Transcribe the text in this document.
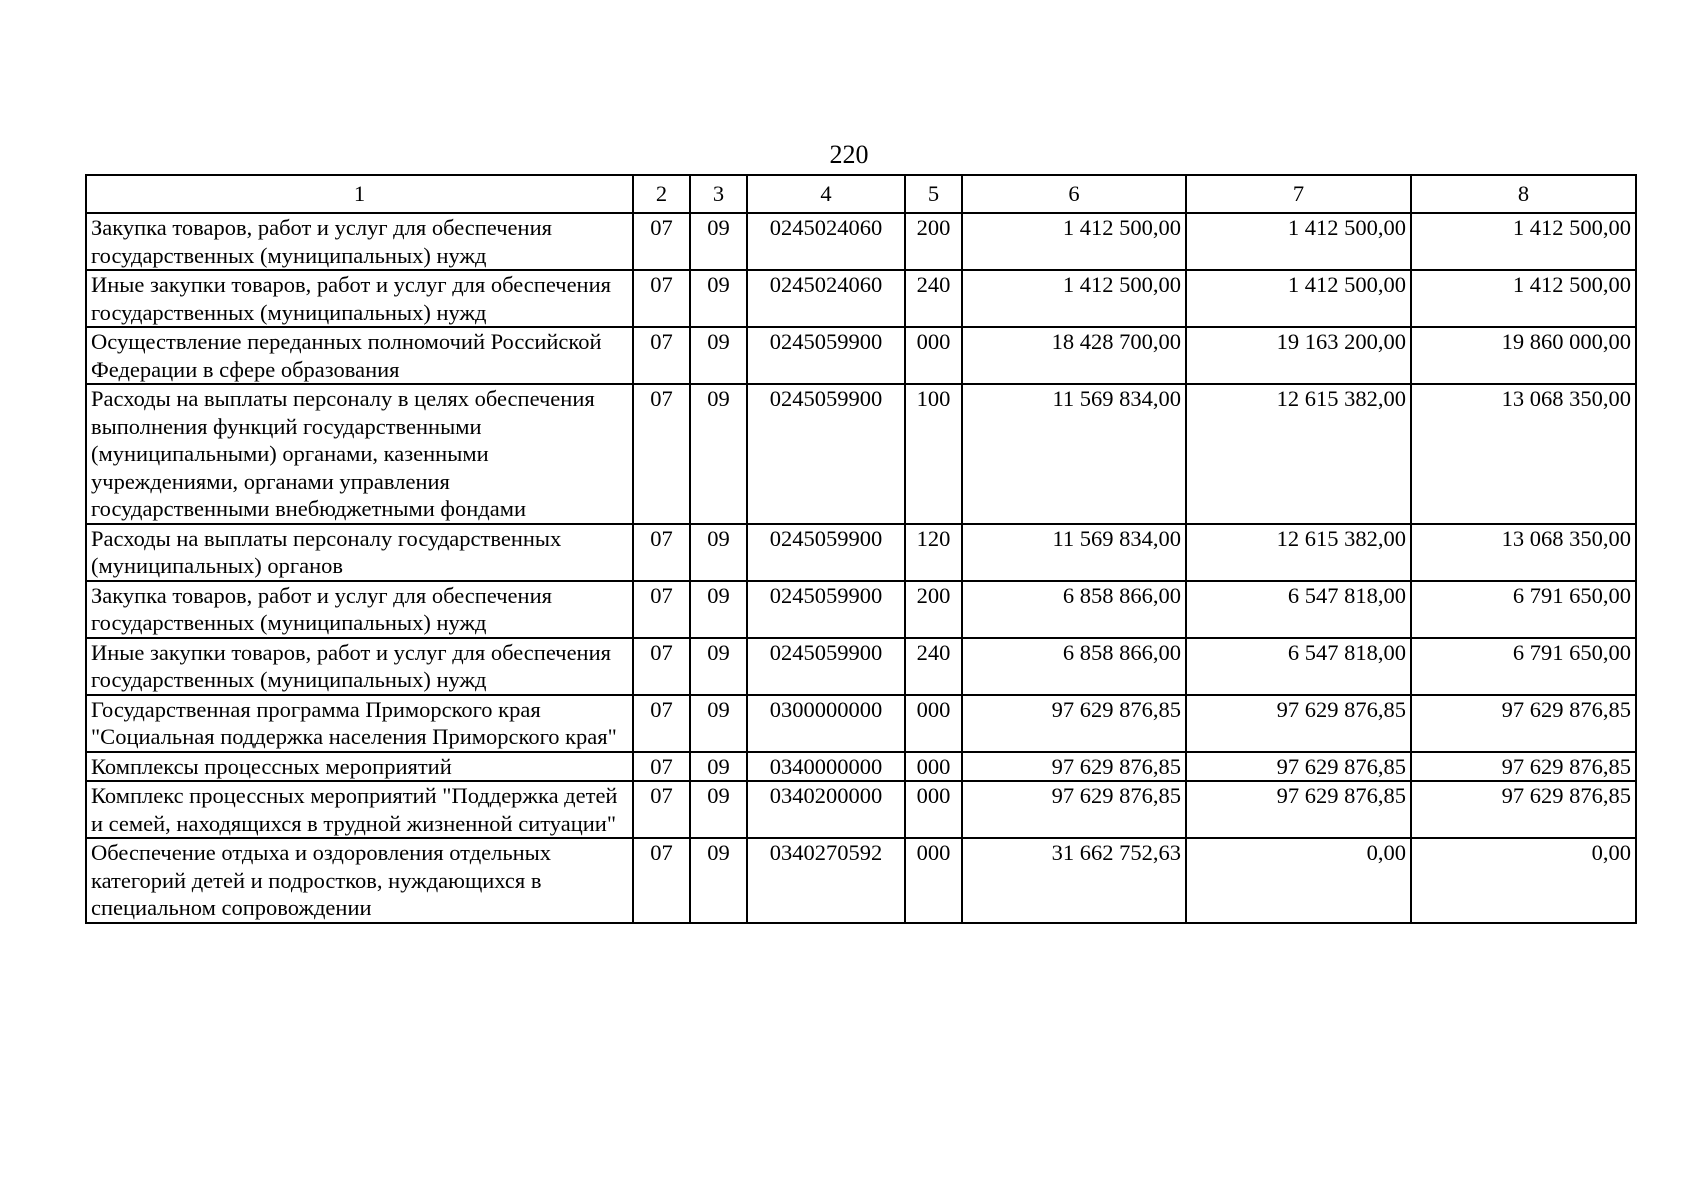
220
1	2	3	4	5	6	7	8
Закупка товаров, работ и услуг для обеспечения государственных (муниципальных) нужд	07	09	0245024060	200	1 412 500,00	1 412 500,00	1 412 500,00
Иные закупки товаров, работ и услуг для обеспечения государственных (муниципальных) нужд	07	09	0245024060	240	1 412 500,00	1 412 500,00	1 412 500,00
Осуществление переданных полномочий Российской Федерации в сфере образования	07	09	0245059900	000	18 428 700,00	19 163 200,00	19 860 000,00
Расходы на выплаты персоналу в целях обеспечения выполнения функций государственными (муниципальными) органами, казенными учреждениями, органами управления государственными внебюджетными фондами	07	09	0245059900	100	11 569 834,00	12 615 382,00	13 068 350,00
Расходы на выплаты персоналу государственных (муниципальных) органов	07	09	0245059900	120	11 569 834,00	12 615 382,00	13 068 350,00
Закупка товаров, работ и услуг для обеспечения государственных (муниципальных) нужд	07	09	0245059900	200	6 858 866,00	6 547 818,00	6 791 650,00
Иные закупки товаров, работ и услуг для обеспечения государственных (муниципальных) нужд	07	09	0245059900	240	6 858 866,00	6 547 818,00	6 791 650,00
Государственная программа Приморского края "Социальная поддержка населения Приморского края"	07	09	0300000000	000	97 629 876,85	97 629 876,85	97 629 876,85
Комплексы процессных мероприятий	07	09	0340000000	000	97 629 876,85	97 629 876,85	97 629 876,85
Комплекс процессных мероприятий "Поддержка детей и семей, находящихся в трудной жизненной ситуации"	07	09	0340200000	000	97 629 876,85	97 629 876,85	97 629 876,85
Обеспечение отдыха и оздоровления отдельных категорий детей и подростков, нуждающихся в специальном сопровождении	07	09	0340270592	000	31 662 752,63	0,00	0,00
